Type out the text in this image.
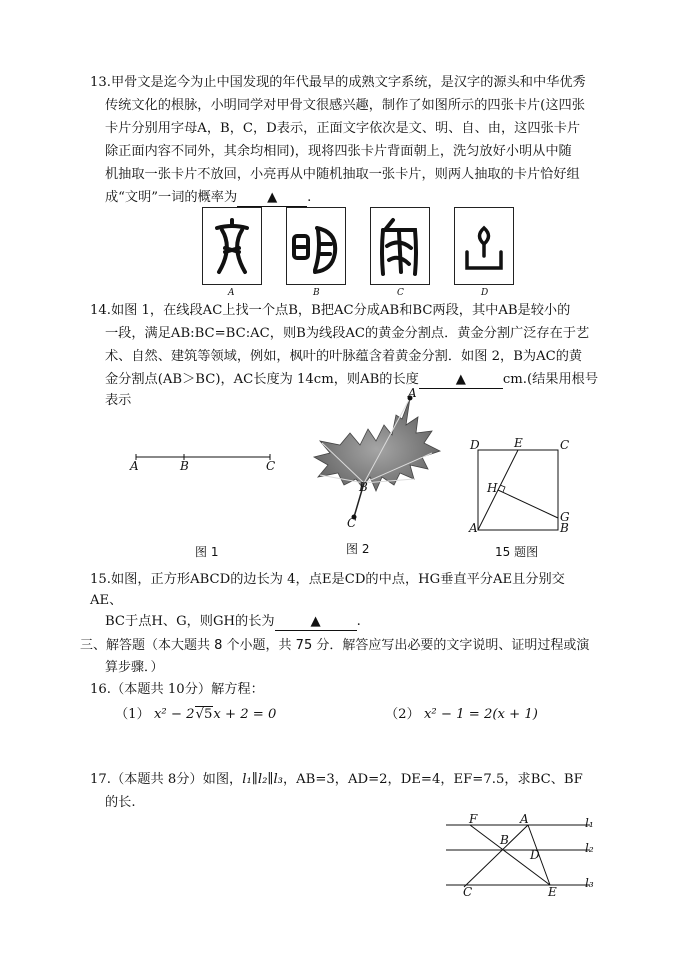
13.甲骨文是迄今为止中国发现的年代最早的成熟文字系统，是汉字的源头和中华优秀
传统文化的根脉，小明同学对甲骨文很感兴趣，制作了如图所示的四张卡片(这四张
卡片分别用字母A，B，C，D表示，正面文字依次是文、明、自、由，这四张卡片
除正面内容不同外，其余均相同)，现将四张卡片背面朝上，洗匀放好小明从中随
机抽取一张卡片不放回，小亮再从中随机抽取一张卡片，则两人抽取的卡片恰好组
成“文明”一词的概率为 ▲ .
A	B	C	D
14.如图 1，在线段AC上找一个点B，B把AC分成AB和BC两段，其中AB是较小的
一段，满足AB:BC=BC:AC，则B为线段AC的黄金分割点．黄金分割广泛存在于艺
术、自然、建筑等领域，例如，枫叶的叶脉蕴含着黄金分割．如图 2，B为AC的黄
金分割点(AB＞BC)，AC长度为 14cm，则AB的长度	▲	cm.(结果用根号
表示
A	B	C
图 1
A
B
C
图 2
D	E	C
H
G
A	B
15 题图
15.如图，正方形ABCD的边长为 4，点E是CD的中点，HG垂直平分AE且分别交
AE、
BC于点H、G，则GH的长为	▲	.
三、解答题（本大题共 8 个小题，共 75 分．解答应写出必要的文字说明、证明过程或演
算步骤．）
16.（本题共 10分）解方程：
（1） x² − 2√5x + 2 = 0	（2） x² − 1 = 2(x + 1)
17.（本题共 8分）如图，l₁∥l₂∥l₃，AB=3，AD=2，DE=4，EF=7.5，求BC、BF
的长.
F	A
B
D
C	E
l₁
l₂
l₃
